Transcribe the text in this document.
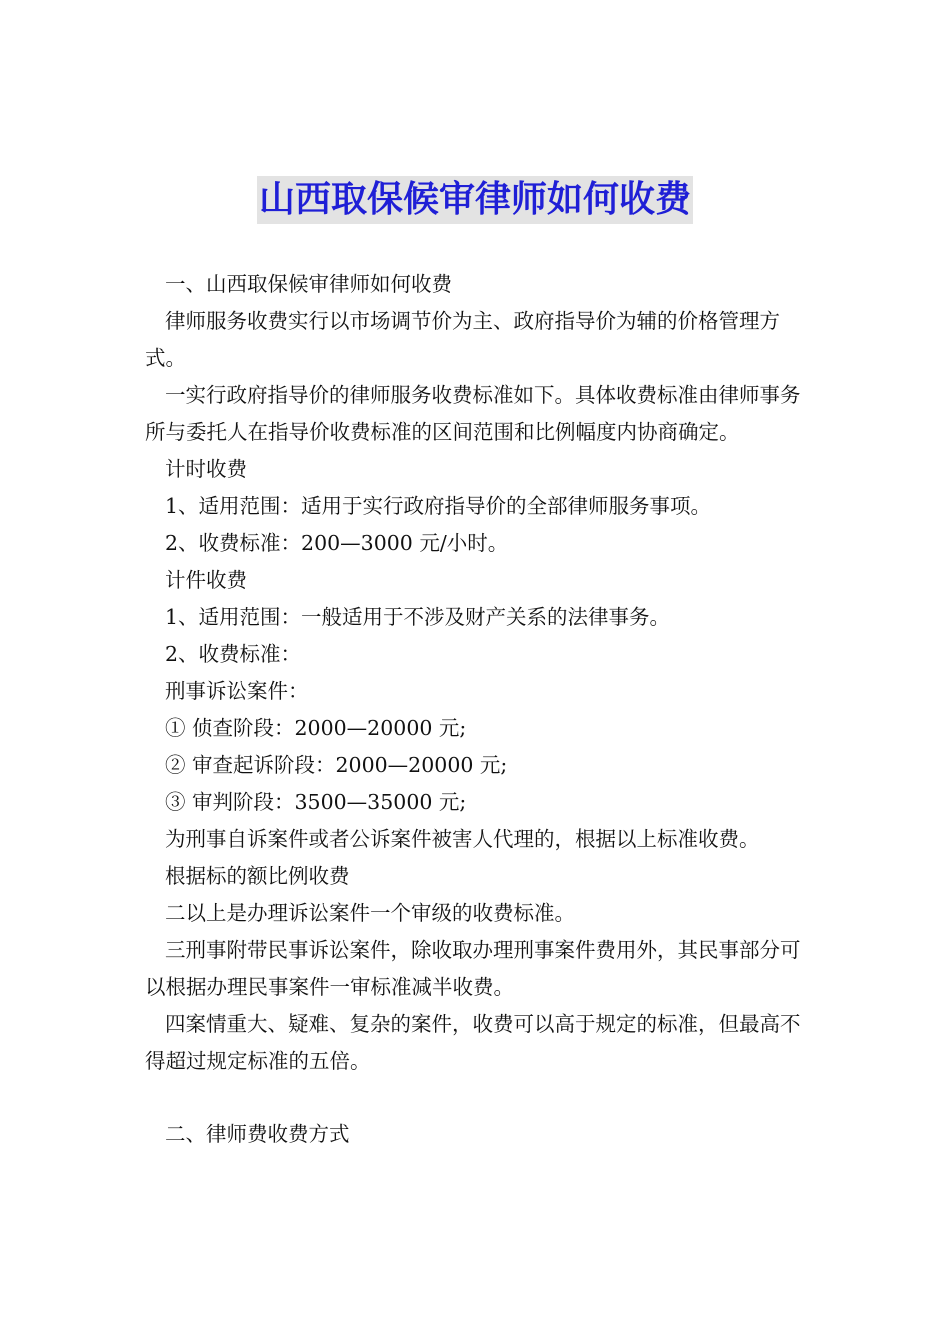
山西取保候审律师如何收费

一、山西取保候审律师如何收费

律师服务收费实行以市场调节价为主、政府指导价为辅的价格管理方式。

一实行政府指导价的律师服务收费标准如下。具体收费标准由律师事务所与委托人在指导价收费标准的区间范围和比例幅度内协商确定。

计时收费

1、适用范围：适用于实行政府指导价的全部律师服务事项。

2、收费标准：200—3000 元/小时。

计件收费

1、适用范围：一般适用于不涉及财产关系的法律事务。

2、收费标准：

刑事诉讼案件：

① 侦查阶段：2000—20000 元;

② 审查起诉阶段：2000—20000 元;

③ 审判阶段：3500—35000 元;

为刑事自诉案件或者公诉案件被害人代理的，根据以上标准收费。

根据标的额比例收费

二以上是办理诉讼案件一个审级的收费标准。

三刑事附带民事诉讼案件，除收取办理刑事案件费用外，其民事部分可以根据办理民事案件一审标准减半收费。

四案情重大、疑难、复杂的案件，收费可以高于规定的标准，但最高不得超过规定标准的五倍。

二、律师费收费方式
